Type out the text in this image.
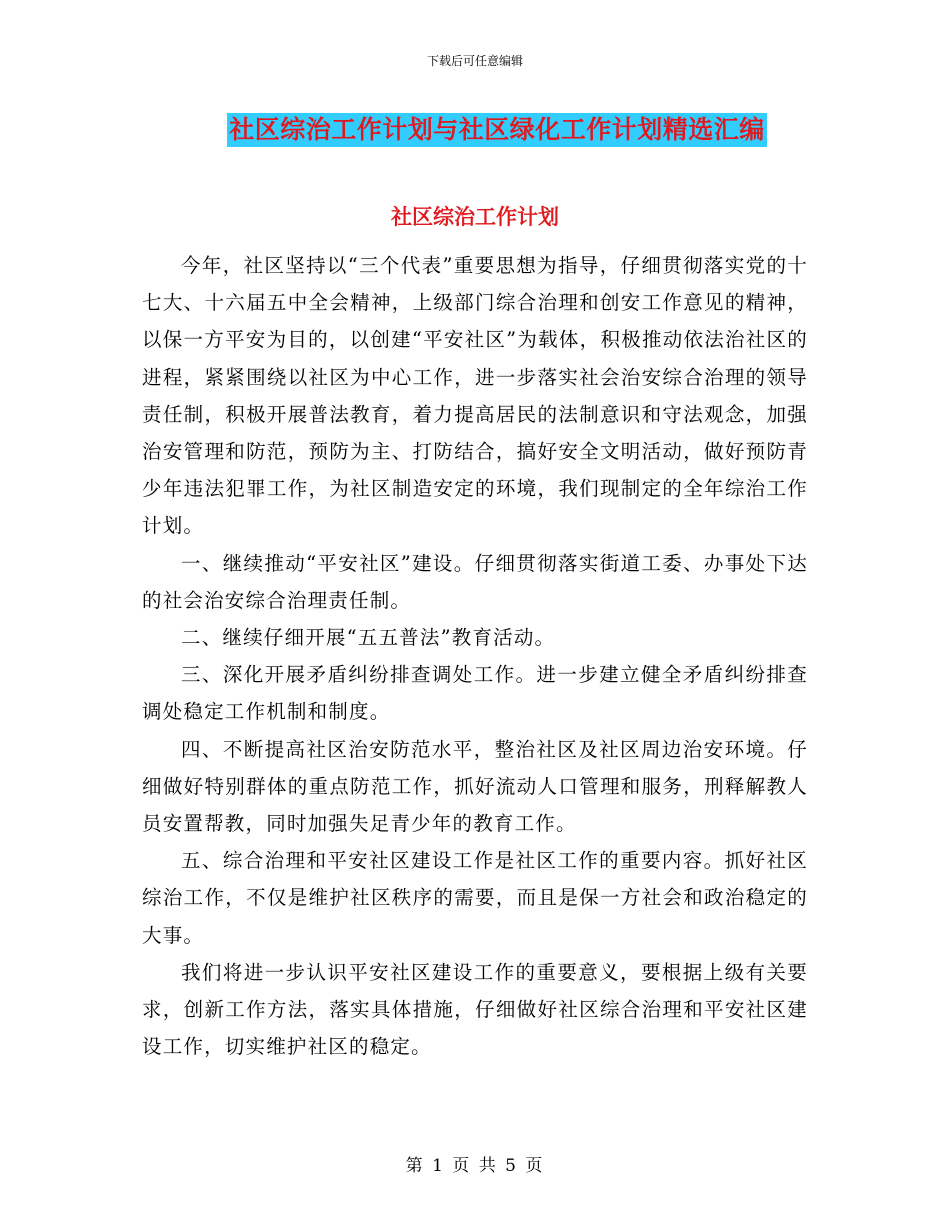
下载后可任意编辑
社区综治工作计划与社区绿化工作计划精选汇编
社区综治工作计划

今年，社区坚持以“三个代表”重要思想为指导，仔细贯彻落实党的十七大、十六届五中全会精神，上级部门综合治理和创安工作意见的精神，以保一方平安为目的，以创建“平安社区”为载体，积极推动依法治社区的进程，紧紧围绕以社区为中心工作，进一步落实社会治安综合治理的领导责任制，积极开展普法教育，着力提高居民的法制意识和守法观念，加强治安管理和防范，预防为主、打防结合，搞好安全文明活动，做好预防青少年违法犯罪工作，为社区制造安定的环境，我们现制定的全年综治工作计划。

一、继续推动“平安社区”建设。仔细贯彻落实街道工委、办事处下达的社会治安综合治理责任制。

二、继续仔细开展“五五普法”教育活动。

三、深化开展矛盾纠纷排查调处工作。进一步建立健全矛盾纠纷排查调处稳定工作机制和制度。

四、不断提高社区治安防范水平，整治社区及社区周边治安环境。仔细做好特别群体的重点防范工作，抓好流动人口管理和服务，刑释解教人员安置帮教，同时加强失足青少年的教育工作。

五、综合治理和平安社区建设工作是社区工作的重要内容。抓好社区综治工作，不仅是维护社区秩序的需要，而且是保一方社会和政治稳定的大事。

我们将进一步认识平安社区建设工作的重要意义，要根据上级有关要求，创新工作方法，落实具体措施，仔细做好社区综合治理和平安社区建设工作，切实维护社区的稳定。

第 1 页 共 5 页
